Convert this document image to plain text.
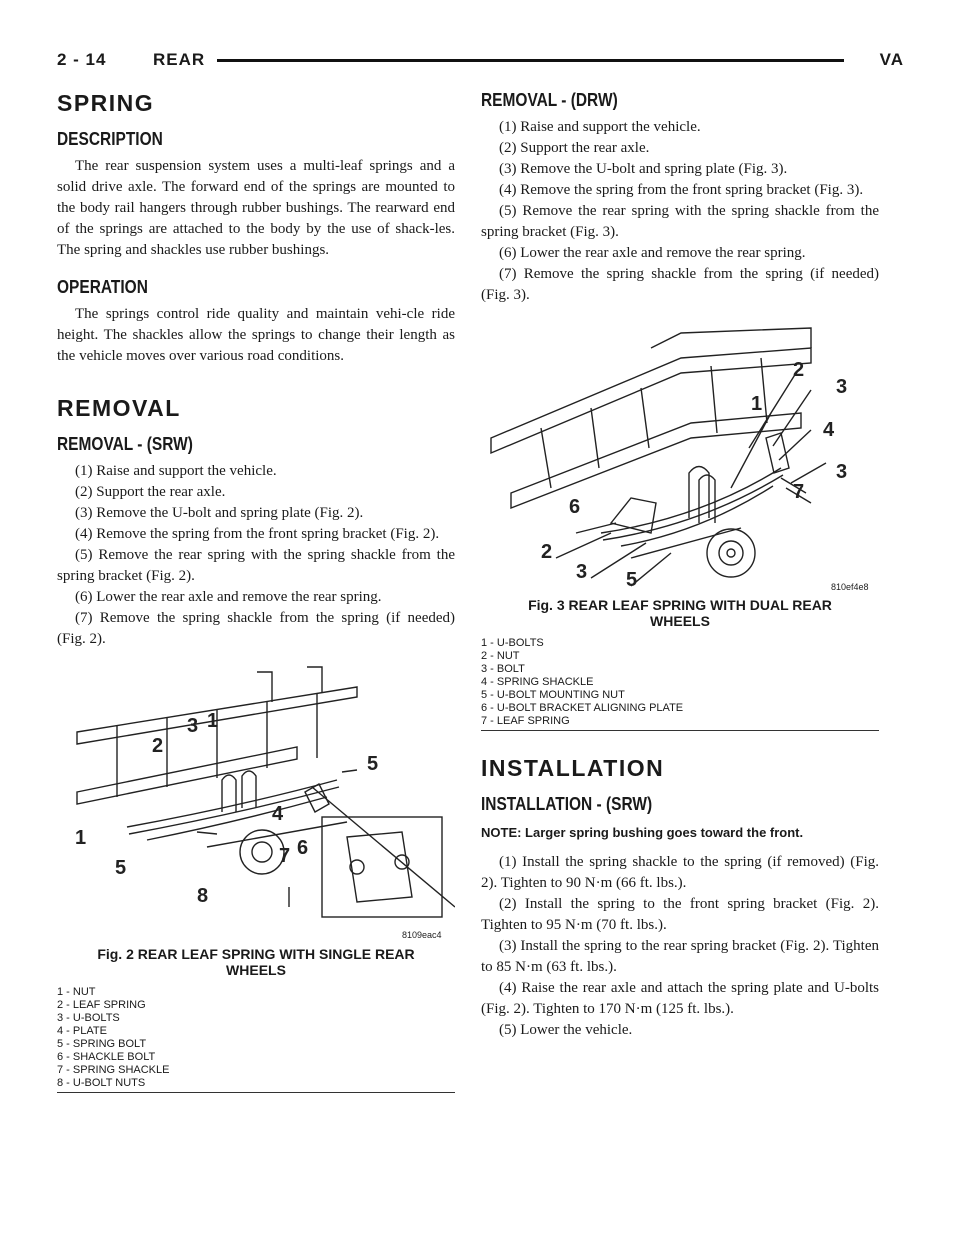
2 - 14	REAR	VA
SPRING
DESCRIPTION

The rear suspension system uses a multi-leaf springs and a solid drive axle. The forward end of the springs are mounted to the body rail hangers through rubber bushings. The rearward end of the springs are attached to the body by the use of shack-les. The spring and shackles use rubber bushings.

OPERATION

The springs control ride quality and maintain vehi-cle ride height. The shackles allow the springs to change their length as the vehicle moves over various road conditions.

REMOVAL
REMOVAL - (SRW)

(1) Raise and support the vehicle.

(2) Support the rear axle.

(3) Remove the U-bolt and spring plate (Fig. 2).

(4) Remove the spring from the front spring bracket (Fig. 2).

(5) Remove the rear spring with the spring shackle from the spring bracket (Fig. 2).

(6) Lower the rear axle and remove the rear spring.

(7) Remove the spring shackle from the spring (if needed) (Fig. 2).

2
3 1
5
4
1	6
7
5
8
8109eac4
Fig. 2 REAR LEAF SPRING WITH SINGLE REAR
WHEELS
1 - NUT
2 - LEAF SPRING
3 - U-BOLTS
4 - PLATE
5 - SPRING BOLT
6 - SHACKLE BOLT
7 - SPRING SHACKLE
8 - U-BOLT NUTS
REMOVAL - (DRW)

(1) Raise and support the vehicle.

(2) Support the rear axle.

(3) Remove the U-bolt and spring plate (Fig. 3).

(4) Remove the spring from the front spring bracket (Fig. 3).

(5) Remove the rear spring with the spring shackle from the spring bracket (Fig. 3).

(6) Lower the rear axle and remove the rear spring.

(7) Remove the spring shackle from the spring (if needed) (Fig. 3).

1
2
3
4
3
7
6
2
3 5	810ef4e8
Fig. 3 REAR LEAF SPRING WITH DUAL REAR
WHEELS
1 - U-BOLTS
2 - NUT
3 - BOLT
4 - SPRING SHACKLE
5 - U-BOLT MOUNTING NUT
6 - U-BOLT BRACKET ALIGNING PLATE
7 - LEAF SPRING
INSTALLATION
INSTALLATION - (SRW)

NOTE: Larger spring bushing goes toward the front.

(1) Install the spring shackle to the spring (if removed) (Fig. 2). Tighten to 90 N·m (66 ft. lbs.).

(2) Install the spring to the front spring bracket (Fig. 2). Tighten to 95 N·m (70 ft. lbs.).

(3) Install the spring to the rear spring bracket (Fig. 2). Tighten to 85 N·m (63 ft. lbs.).

(4) Raise the rear axle and attach the spring plate and U-bolts (Fig. 2). Tighten to 170 N·m (125 ft. lbs.).

(5) Lower the vehicle.
